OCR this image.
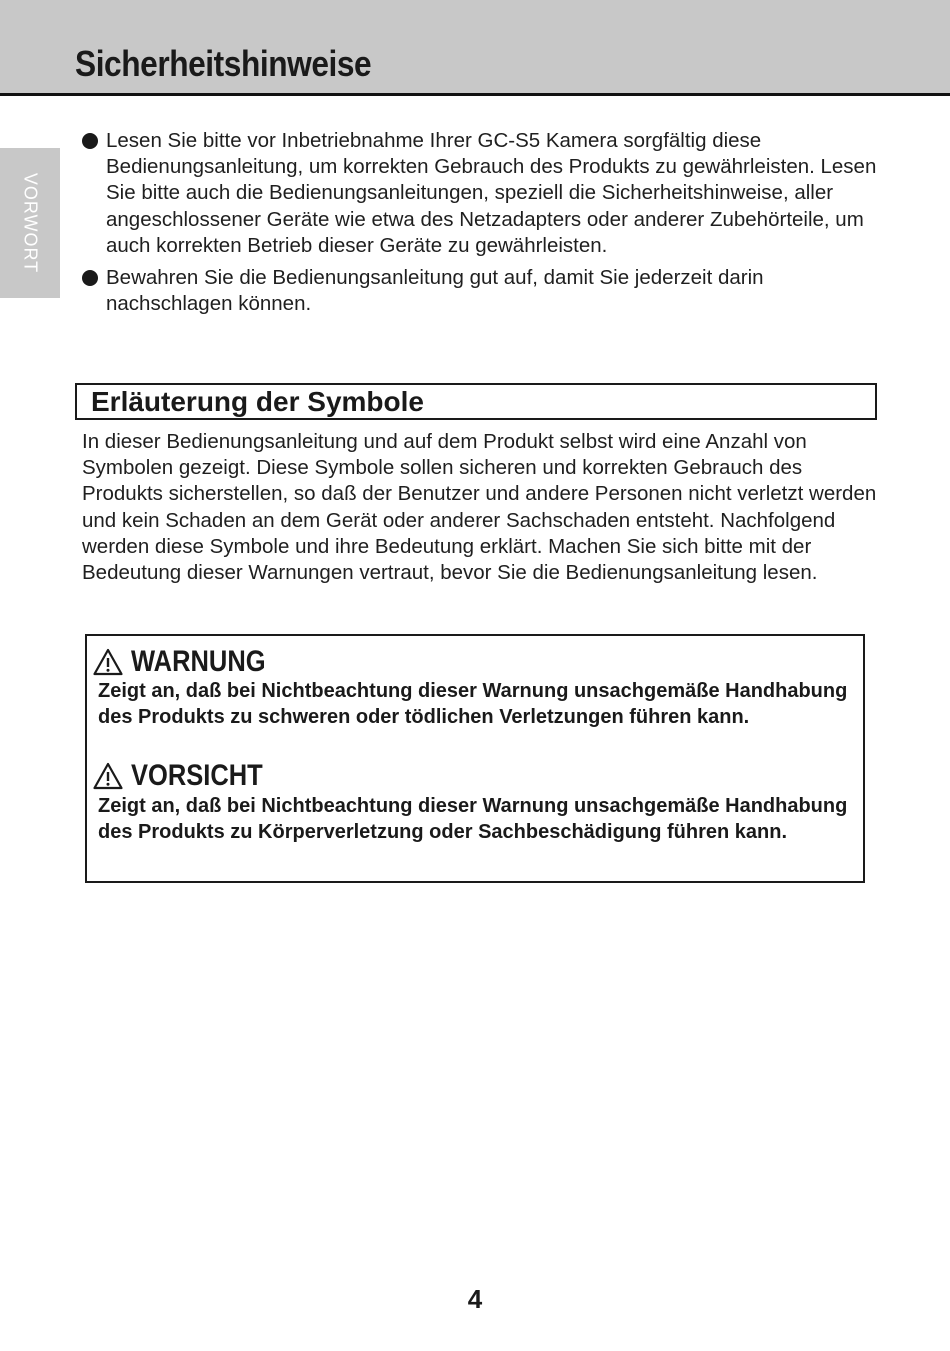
Sicherheitshinweise
VORWORT
Lesen Sie bitte vor Inbetriebnahme Ihrer GC-S5 Kamera sorgfältig diese Bedienungsanleitung, um korrekten Gebrauch des Produkts zu gewährleisten. Lesen Sie bitte auch die Bedienungsanleitungen, speziell die Sicherheitshinweise, aller angeschlossener Geräte wie etwa des Netzadapters oder anderer Zubehörteile, um auch korrekten Betrieb dieser Geräte zu gewährleisten.
Bewahren Sie die Bedienungsanleitung gut auf, damit Sie jederzeit darin nachschlagen können.
Erläuterung der Symbole
In dieser Bedienungsanleitung und auf dem Produkt selbst wird eine Anzahl von Symbolen gezeigt. Diese Symbole sollen sicheren und korrekten Gebrauch des Produkts sicherstellen, so daß der Benutzer und andere Personen nicht verletzt werden und kein Schaden an dem Gerät oder anderer Sachschaden entsteht. Nachfolgend werden diese Symbole und ihre Bedeutung erklärt. Machen Sie sich bitte mit der Bedeutung dieser Warnungen vertraut, bevor Sie die Bedienungsanleitung lesen.
WARNUNG
Zeigt an, daß bei Nichtbeachtung dieser Warnung unsachgemäße Handhabung des Produkts zu schweren oder tödlichen Verletzungen führen kann.
VORSICHT
Zeigt an, daß bei Nichtbeachtung dieser Warnung unsachgemäße Handhabung des Produkts zu Körperverletzung oder Sachbeschädigung führen kann.
4
